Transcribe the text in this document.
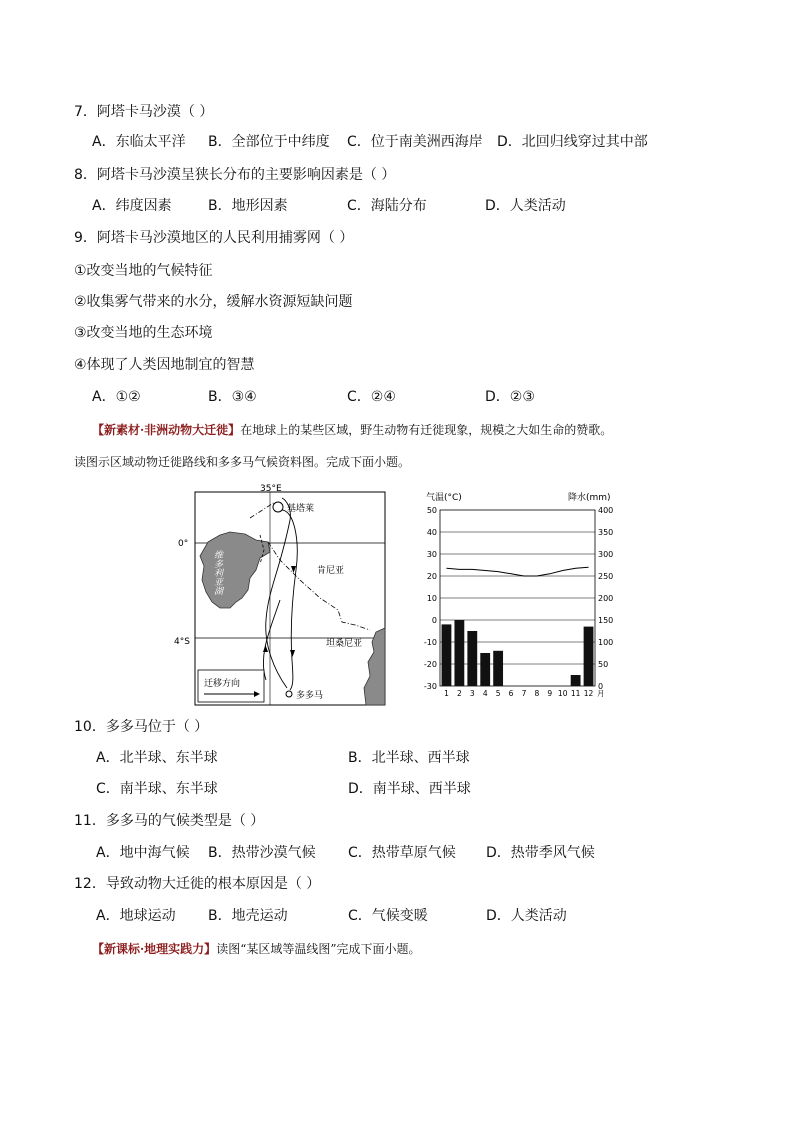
7．阿塔卡马沙漠（ ）
A．东临太平洋 B．全部位于中纬度 C．位于南美洲西海岸 D．北回归线穿过其中部
8．阿塔卡马沙漠呈狭长分布的主要影响因素是（ ）
A．纬度因素	B．地形因素	C．海陆分布	D．人类活动
9．阿塔卡马沙漠地区的人民利用捕雾网（ ）
①改变当地的气候特征
②收集雾气带来的水分，缓解水资源短缺问题
③改变当地的生态环境
④体现了人类因地制宜的智慧
A．①②	B．③④	C．②④	D．②③
【新素材·非洲动物大迁徙】在地球上的某些区域，野生动物有迁徙现象，规模之大如生命的赞歌。
读图示区域动物迁徙路线和多多马气候资料图。完成下面小题。
35°E
0°
4°S
维多利亚湖
基塔莱
肯尼亚
坦桑尼亚
多多马
迁移方向
气温(°C)	降水(mm)
50
40
30
20
10
0
-10
-20
-30
400
350
300
250
200
150
100
50
0
1 2 3 4 5 6 7 8 9 10 11 12 月
10．多多马位于（ ）
A．北半球、东半球	B．北半球、西半球
C．南半球、东半球	D．南半球、西半球
11．多多马的气候类型是（ ）
A．地中海气候 B．热带沙漠气候 C．热带草原气候 D．热带季风气候
12．导致动物大迁徙的根本原因是（ ）
A．地球运动 B．地壳运动	C．气候变暖	D．人类活动
【新课标·地理实践力】读图“某区域等温线图”完成下面小题。
